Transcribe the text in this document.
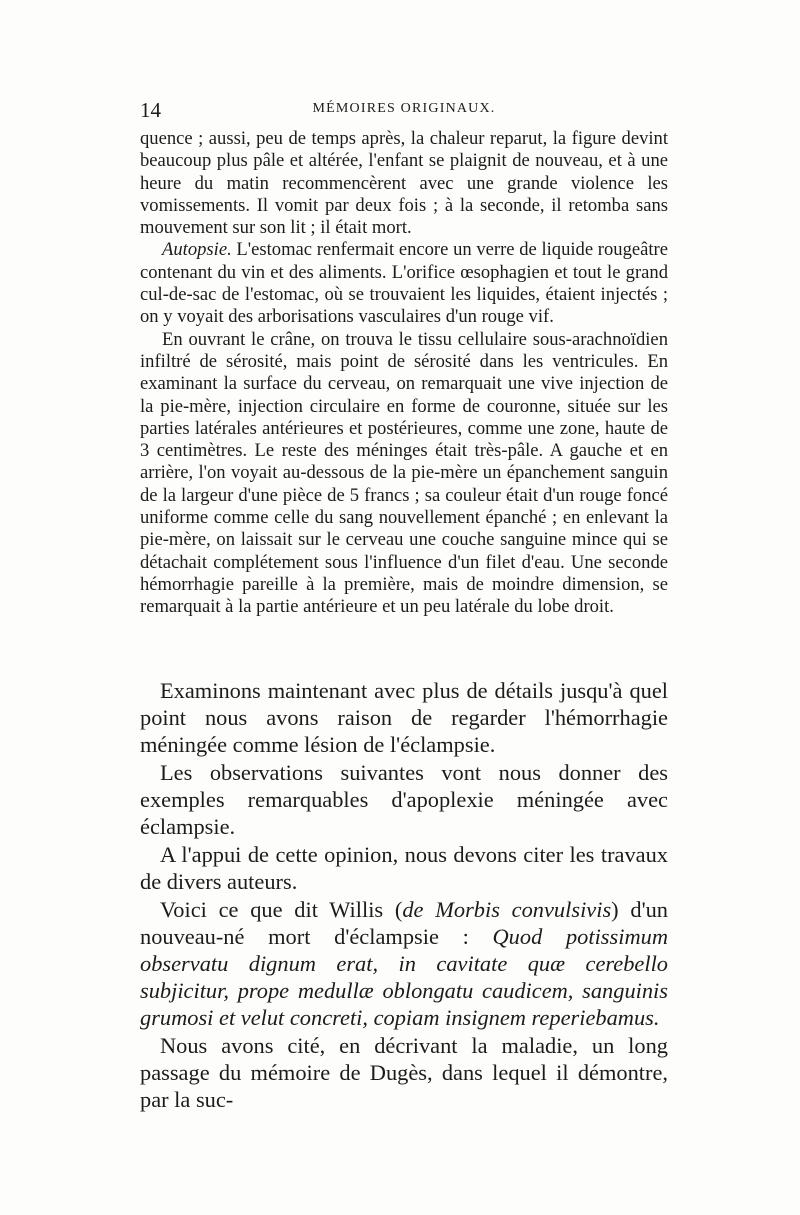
14	MÉMOIRES ORIGINAUX.

quence ; aussi, peu de temps après, la chaleur reparut, la figure devint beaucoup plus pâle et altérée, l'enfant se plaignit de nouveau, et à une heure du matin recommencèrent avec une grande violence les vomissements. Il vomit par deux fois ; à la seconde, il retomba sans mouvement sur son lit ; il était mort.

Autopsie. L'estomac renfermait encore un verre de liquide rougeâtre contenant du vin et des aliments. L'orifice œsophagien et tout le grand cul-de-sac de l'estomac, où se trouvaient les liquides, étaient injectés ; on y voyait des arborisations vasculaires d'un rouge vif.

En ouvrant le crâne, on trouva le tissu cellulaire sous-arachnoïdien infiltré de sérosité, mais point de sérosité dans les ventricules. En examinant la surface du cerveau, on remarquait une vive injection de la pie-mère, injection circulaire en forme de couronne, située sur les parties latérales antérieures et postérieures, comme une zone, haute de 3 centimètres. Le reste des méninges était très-pâle. A gauche et en arrière, l'on voyait au-dessous de la pie-mère un épanchement sanguin de la largeur d'une pièce de 5 francs ; sa couleur était d'un rouge foncé uniforme comme celle du sang nouvellement épanché ; en enlevant la pie-mère, on laissait sur le cerveau une couche sanguine mince qui se détachait complétement sous l'influence d'un filet d'eau. Une seconde hémorrhagie pareille à la première, mais de moindre dimension, se remarquait à la partie antérieure et un peu latérale du lobe droit.

Examinons maintenant avec plus de détails jusqu'à quel point nous avons raison de regarder l'hémorrhagie méningée comme lésion de l'éclampsie.

Les observations suivantes vont nous donner des exemples remarquables d'apoplexie méningée avec éclampsie.

A l'appui de cette opinion, nous devons citer les travaux de divers auteurs.

Voici ce que dit Willis (de Morbis convulsivis) d'un nouveau-né mort d'éclampsie : Quod potissimum observatu dignum erat, in cavitate quæ cerebello subjicitur, prope medullæ oblongatu caudicem, sanguinis grumosi et velut concreti, copiam insignem reperiebamus.

Nous avons cité, en décrivant la maladie, un long passage du mémoire de Dugès, dans lequel il démontre, par la suc-
